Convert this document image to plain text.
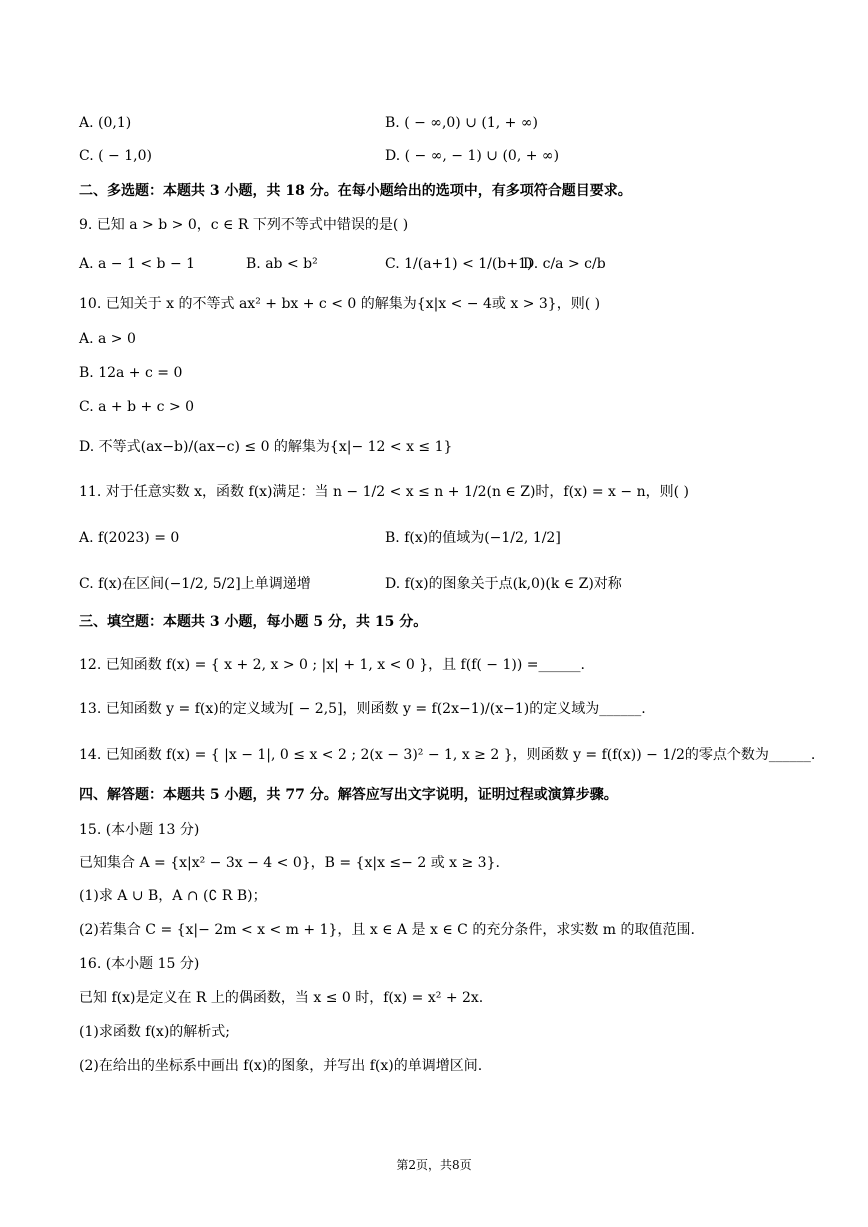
A. (0,1)	B. ( − ∞,0) ∪ (1, + ∞)
C. ( − 1,0)	D. ( − ∞, − 1) ∪ (0, + ∞)
二、多选题：本题共 3 小题，共 18 分。在每小题给出的选项中，有多项符合题目要求。
9. 已知 a > b > 0，c ∈ R 下列不等式中错误的是( )
A. a − 1 < b − 1	B. ab < b²	C. 1/(a+1) < 1/(b+1)
D. c/a > c/b
10. 已知关于 x 的不等式 ax² + bx + c < 0 的解集为{x|x < − 4或 x > 3}，则( )
A. a > 0
B. 12a + c = 0
C. a + b + c > 0
D. 不等式(ax−b)/(ax−c) ≤ 0 的解集为{x|− 12 < x ≤ 1}
11. 对于任意实数 x，函数 f(x)满足：当 n − 1/2 < x ≤ n + 1/2(n ∈ Z)时，f(x) = x − n，则( )
A. f(2023) = 0	B. f(x)的值域为(−1/2, 1/2]
C. f(x)在区间(−1/2, 5/2]上单调递增	D. f(x)的图象关于点(k,0)(k ∈ Z)对称
三、填空题：本题共 3 小题，每小题 5 分，共 15 分。
12. 已知函数 f(x) = { x + 2, x > 0 ; |x| + 1, x < 0 }，且 f(f( − 1)) =______.
13. 已知函数 y = f(x)的定义域为[ − 2,5]，则函数 y = f(2x−1)/(x−1)的定义域为______.
14. 已知函数 f(x) = { |x − 1|, 0 ≤ x < 2 ; 2(x − 3)² − 1, x ≥ 2 }，则函数 y = f(f(x)) − 1/2的零点个数为______.
四、解答题：本题共 5 小题，共 77 分。解答应写出文字说明，证明过程或演算步骤。
15. (本小题 13 分)
已知集合 A = {x|x² − 3x − 4 < 0}，B = {x|x ≤− 2 或 x ≥ 3}.
(1)求 A ∪ B，A ∩ (∁ R B)；
(2)若集合 C = {x|− 2m < x < m + 1}，且 x ∈ A 是 x ∈ C 的充分条件，求实数 m 的取值范围.
16. (本小题 15 分)
已知 f(x)是定义在 R 上的偶函数，当 x ≤ 0 时，f(x) = x² + 2x.
(1)求函数 f(x)的解析式;
(2)在给出的坐标系中画出 f(x)的图象，并写出 f(x)的单调增区间.
第2页，共8页
